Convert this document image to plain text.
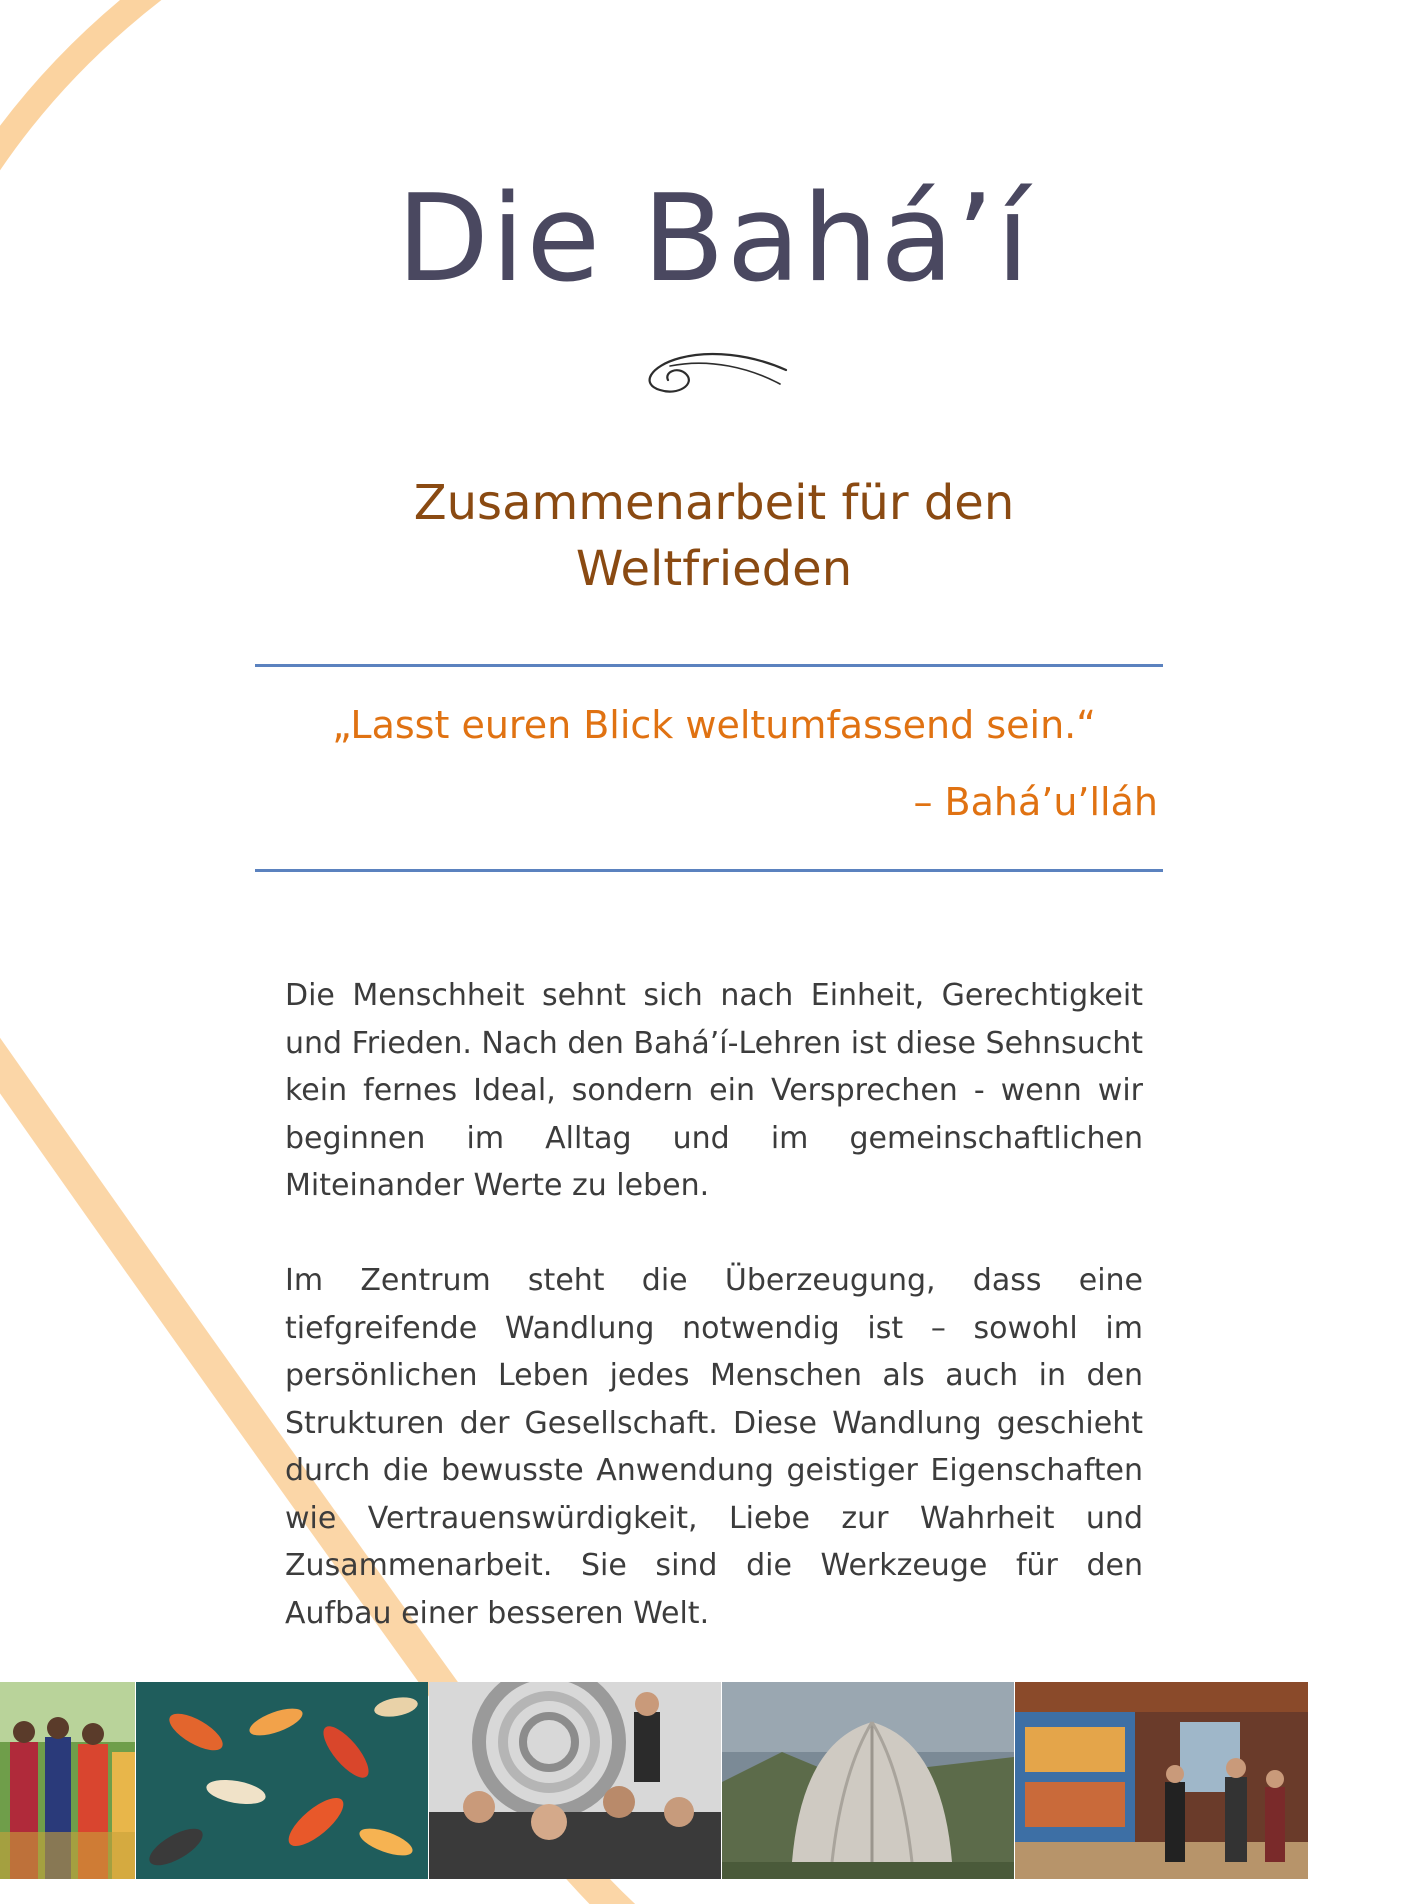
Die Bahá’í
Zusammenarbeit für den
Weltfrieden
„Lasst euren Blick weltumfassend sein.“
– Bahá’u’lláh

Die Menschheit sehnt sich nach Einheit, Gerechtigkeit und Frieden. Nach den Bahá’í-Lehren ist diese Sehnsucht kein fernes Ideal, sondern ein Versprechen - wenn wir beginnen im Alltag und im gemeinschaftlichen Miteinander Werte zu leben.

Im Zentrum steht die Überzeugung, dass eine tiefgreifende Wandlung notwendig ist – sowohl im persönlichen Leben jedes Menschen als auch in den Strukturen der Gesellschaft. Diese Wandlung geschieht durch die bewusste Anwendung geistiger Eigenschaften wie Vertrauenswürdigkeit, Liebe zur Wahrheit und Zusammenarbeit. Sie sind die Werkzeuge für den Aufbau einer besseren Welt.
